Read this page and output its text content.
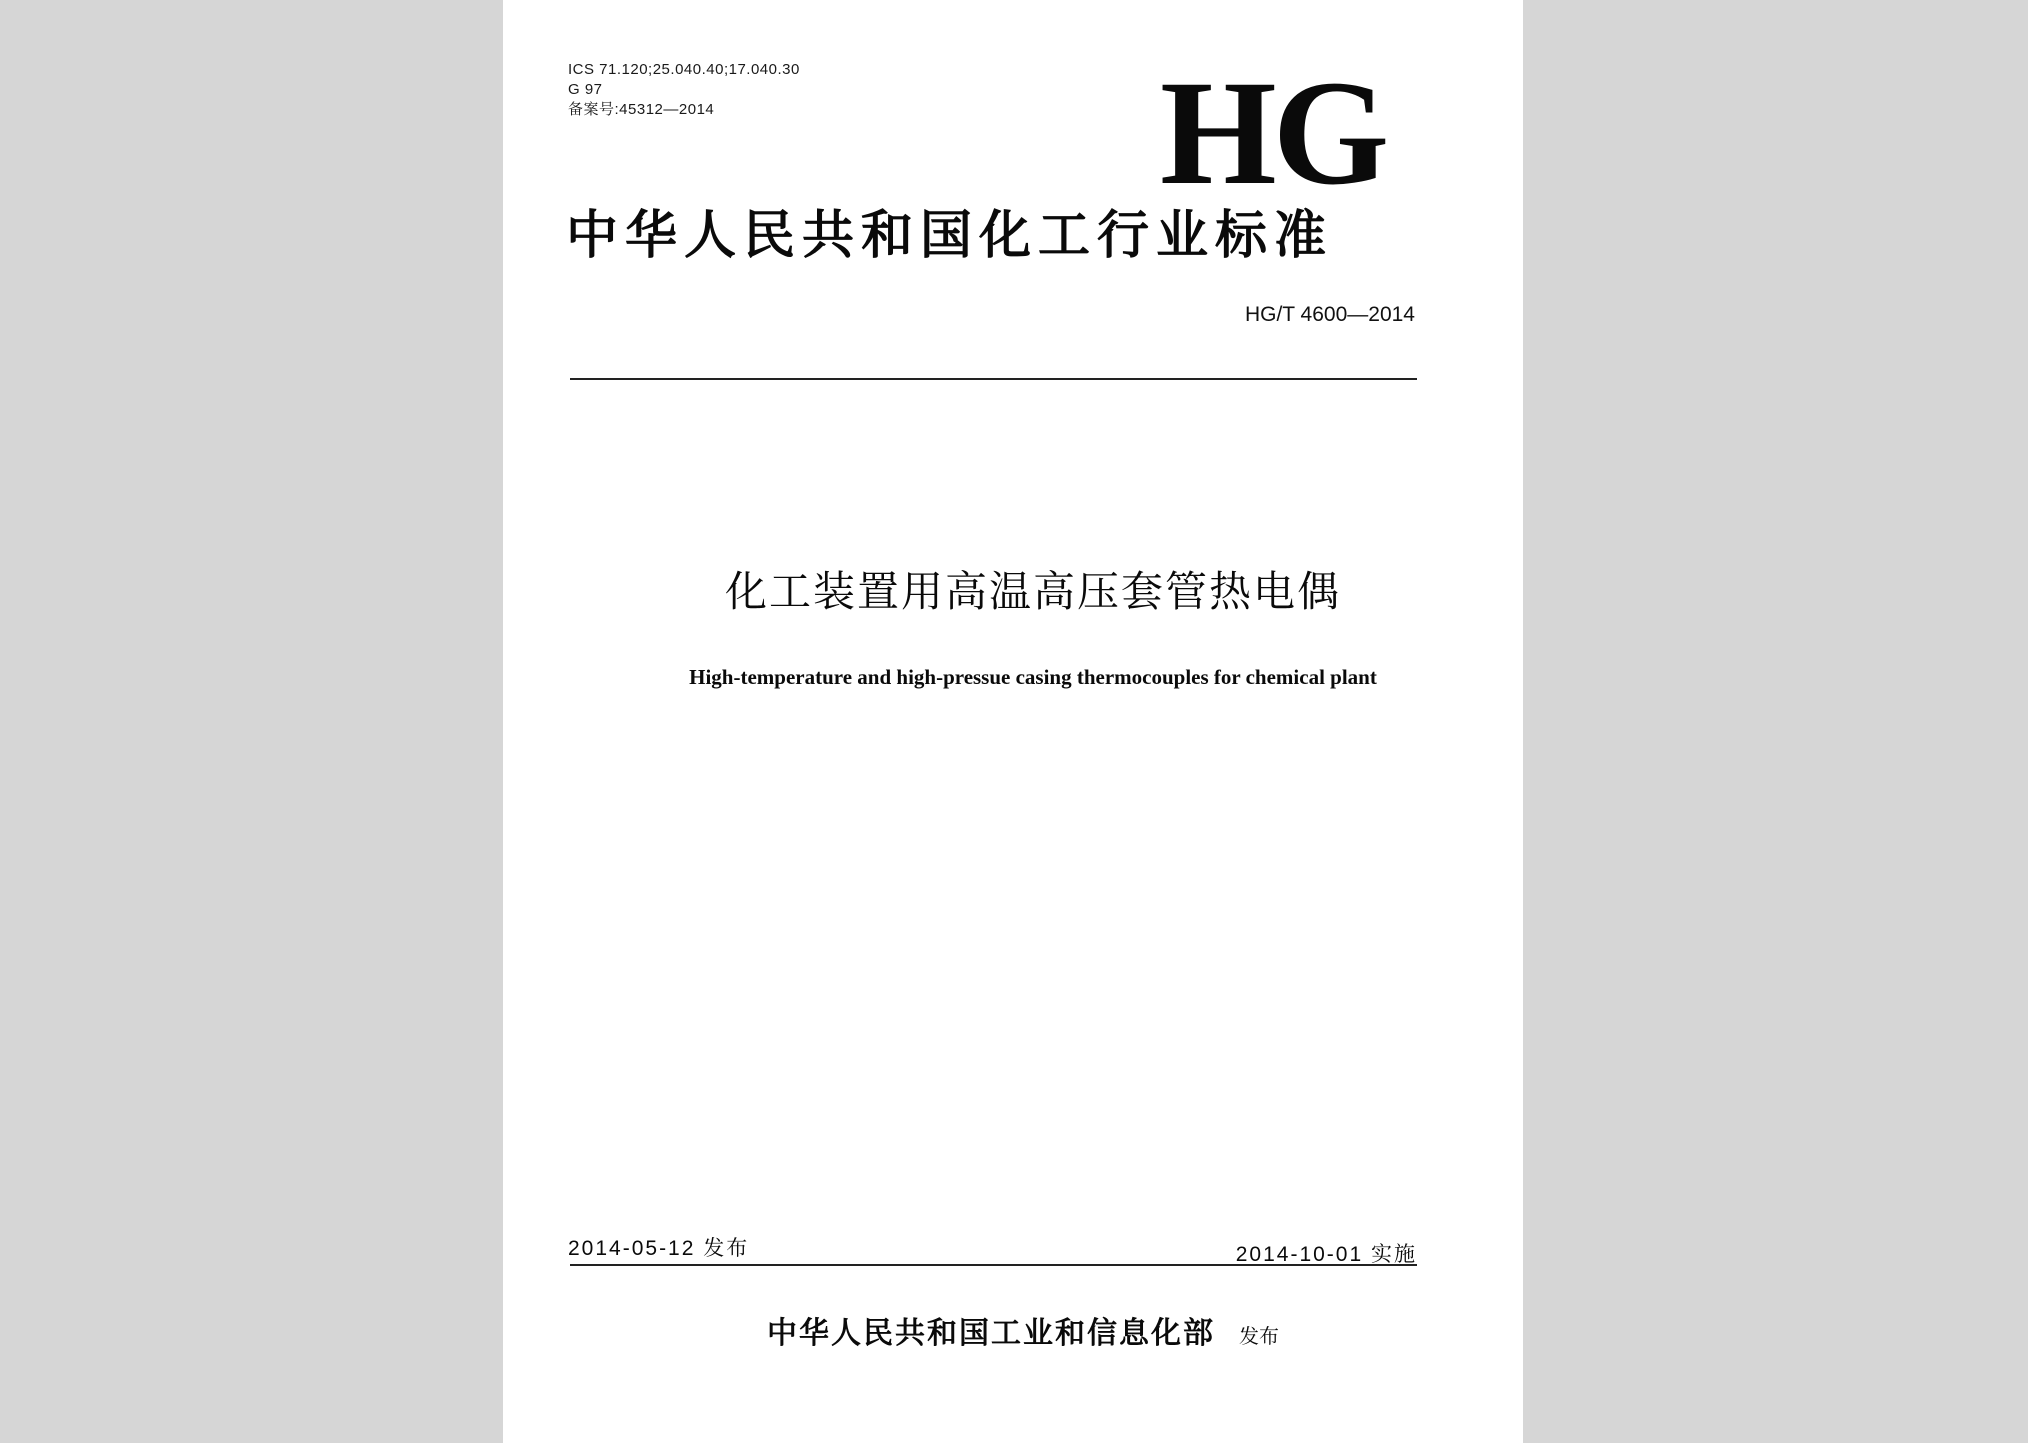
ICS 71.120;25.040.40;17.040.30
G 97
备案号:45312—2014	HG
中华人民共和国化工行业标准
HG/T 4600—2014
化工装置用高温高压套管热电偶
High-temperature and high-pressue casing thermocouples for chemical plant
2014-05-12 发布	2014-10-01 实施
中华人民共和国工业和信息化部 发布
